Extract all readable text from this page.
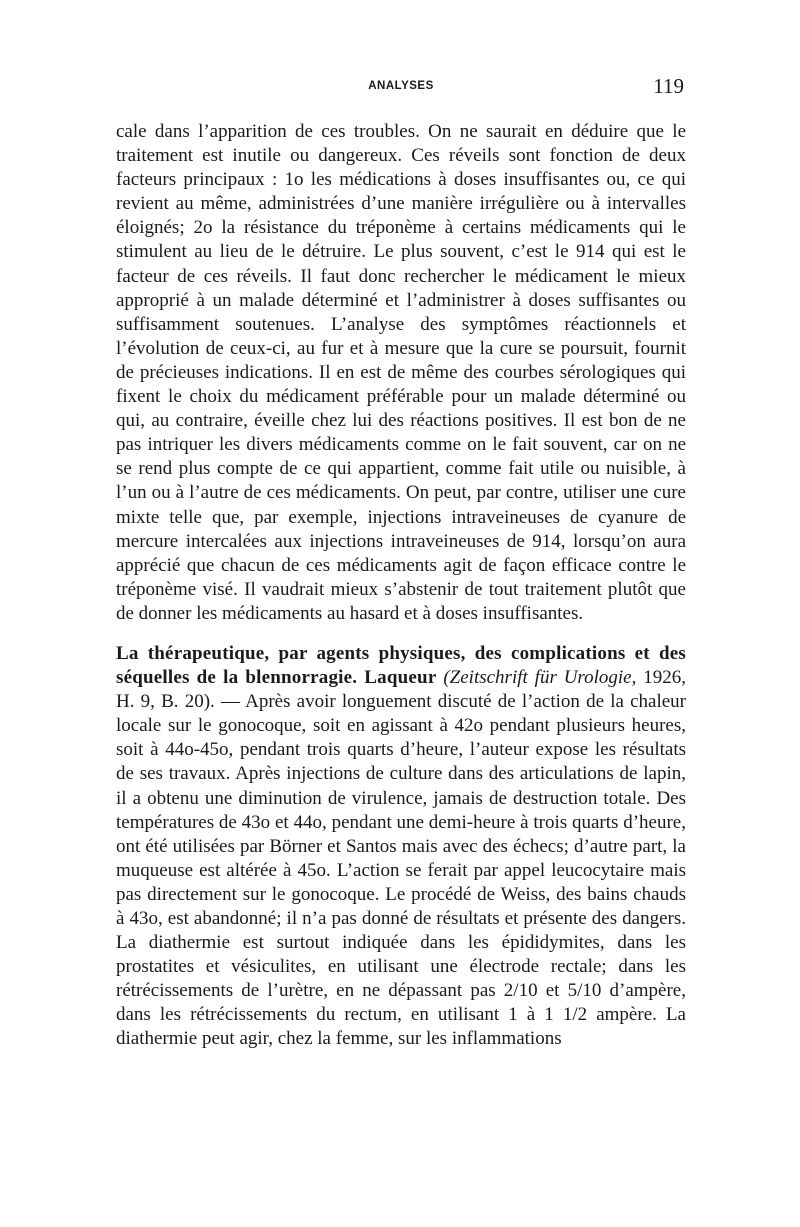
ANALYSES	119

cale dans l’apparition de ces troubles. On ne saurait en déduire que le traitement est inutile ou dangereux. Ces réveils sont fonction de deux facteurs principaux : 1o les médications à doses insuffisantes ou, ce qui revient au même, administrées d’une manière irrégulière ou à intervalles éloignés; 2o la résistance du tréponème à certains médicaments qui le stimulent au lieu de le détruire. Le plus souvent, c’est le 914 qui est le facteur de ces réveils. Il faut donc rechercher le médicament le mieux approprié à un malade déterminé et l’administrer à doses suffisantes ou suffisamment soutenues. L’analyse des symptômes réactionnels et l’évolution de ceux-ci, au fur et à mesure que la cure se poursuit, fournit de précieuses indications. Il en est de même des courbes sérologiques qui fixent le choix du médicament préférable pour un malade déterminé ou qui, au contraire, éveille chez lui des réactions positives. Il est bon de ne pas intriquer les divers médicaments comme on le fait souvent, car on ne se rend plus compte de ce qui appartient, comme fait utile ou nuisible, à l’un ou à l’autre de ces médicaments. On peut, par contre, utiliser une cure mixte telle que, par exemple, injections intraveineuses de cyanure de mercure intercalées aux injections intraveineuses de 914, lorsqu’on aura apprécié que chacun de ces médicaments agit de façon efficace contre le tréponème visé. Il vaudrait mieux s’abstenir de tout traitement plutôt que de donner les médicaments au hasard et à doses insuffisantes.

La thérapeutique, par agents physiques, des complications et des séquelles de la blennorragie. Laqueur (Zeitschrift für Urologie, 1926, H. 9, B. 20). — Après avoir longuement discuté de l’action de la chaleur locale sur le gonocoque, soit en agissant à 42o pendant plusieurs heures, soit à 44o-45o, pendant trois quarts d’heure, l’auteur expose les résultats de ses travaux. Après injections de culture dans des articulations de lapin, il a obtenu une diminution de virulence, jamais de destruction totale. Des températures de 43o et 44o, pendant une demi-heure à trois quarts d’heure, ont été utilisées par Börner et Santos mais avec des échecs; d’autre part, la muqueuse est altérée à 45o. L’action se ferait par appel leucocytaire mais pas directement sur le gonocoque. Le procédé de Weiss, des bains chauds à 43o, est abandonné; il n’a pas donné de résultats et présente des dangers. La diathermie est surtout indiquée dans les épididymites, dans les prostatites et vésiculites, en utilisant une électrode rectale; dans les rétrécissements de l’urètre, en ne dépassant pas 2/10 et 5/10 d’ampère, dans les rétrécissements du rectum, en utilisant 1 à 1 1/2 ampère. La diathermie peut agir, chez la femme, sur les inflammations
